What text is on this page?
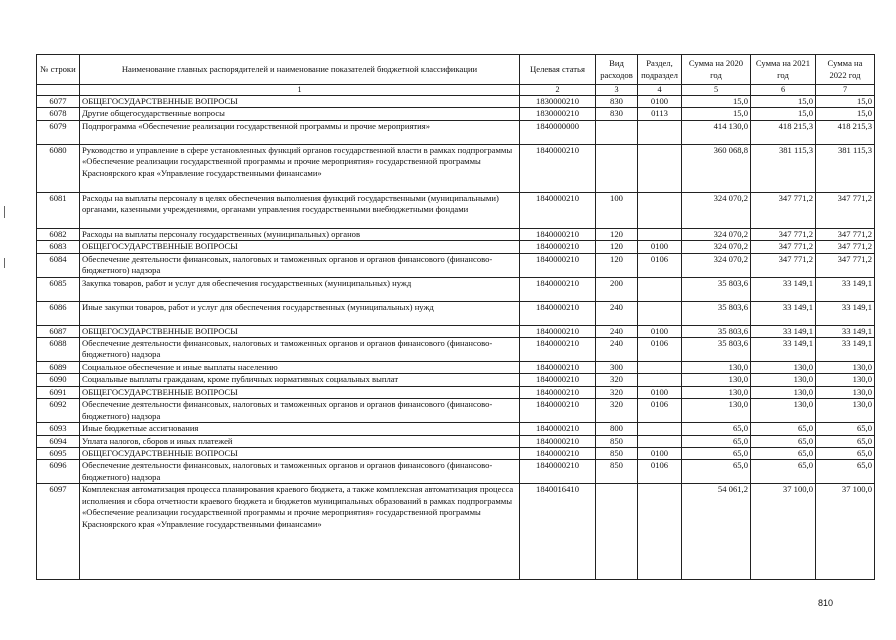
№ строки	Наименование главных распорядителей и наименование показателей бюджетной классификации	Целевая статья	Вид расходов	Раздел, подраздел	Сумма на 2020 год	Сумма на 2021 год	Сумма на 2022 год
	1	2	3	4	5	6	7
6077	ОБЩЕГОСУДАРСТВЕННЫЕ ВОПРОСЫ	1830000210	830	0100	15,0	15,0	15,0
6078	Другие общегосударственные вопросы	1830000210	830	0113	15,0	15,0	15,0
6079	Подпрограмма «Обеспечение реализации государственной программы и прочие мероприятия»	1840000000			414 130,0	418 215,3	418 215,3
6080	Руководство и управление в сфере установленных функций органов государственной власти в рамках подпрограммы «Обеспечение реализации государственной программы и прочие мероприятия» государственной программы Красноярского края «Управление государственными финансами»	1840000210			360 068,8	381 115,3	381 115,3
6081	Расходы на выплаты персоналу в целях обеспечения выполнения функций государственными (муниципальными) органами, казенными учреждениями, органами управления государственными внебюджетными фондами	1840000210	100		324 070,2	347 771,2	347 771,2
6082	Расходы на выплаты персоналу государственных (муниципальных) органов	1840000210	120		324 070,2	347 771,2	347 771,2
6083	ОБЩЕГОСУДАРСТВЕННЫЕ ВОПРОСЫ	1840000210	120	0100	324 070,2	347 771,2	347 771,2
6084	Обеспечение деятельности финансовых, налоговых и таможенных органов и органов финансового (финансово-бюджетного) надзора	1840000210	120	0106	324 070,2	347 771,2	347 771,2
6085	Закупка товаров, работ и услуг для обеспечения государственных (муниципальных) нужд	1840000210	200		35 803,6	33 149,1	33 149,1
6086	Иные закупки товаров, работ и услуг для обеспечения государственных (муниципальных) нужд	1840000210	240		35 803,6	33 149,1	33 149,1
6087	ОБЩЕГОСУДАРСТВЕННЫЕ ВОПРОСЫ	1840000210	240	0100	35 803,6	33 149,1	33 149,1
6088	Обеспечение деятельности финансовых, налоговых и таможенных органов и органов финансового (финансово-бюджетного) надзора	1840000210	240	0106	35 803,6	33 149,1	33 149,1
6089	Социальное обеспечение и иные выплаты населению	1840000210	300		130,0	130,0	130,0
6090	Социальные выплаты гражданам, кроме публичных нормативных социальных выплат	1840000210	320		130,0	130,0	130,0
6091	ОБЩЕГОСУДАРСТВЕННЫЕ ВОПРОСЫ	1840000210	320	0100	130,0	130,0	130,0
6092	Обеспечение деятельности финансовых, налоговых и таможенных органов и органов финансового (финансово-бюджетного) надзора	1840000210	320	0106	130,0	130,0	130,0
6093	Иные бюджетные ассигнования	1840000210	800		65,0	65,0	65,0
6094	Уплата налогов, сборов и иных платежей	1840000210	850		65,0	65,0	65,0
6095	ОБЩЕГОСУДАРСТВЕННЫЕ ВОПРОСЫ	1840000210	850	0100	65,0	65,0	65,0
6096	Обеспечение деятельности финансовых, налоговых и таможенных органов и органов финансового (финансово-бюджетного) надзора	1840000210	850	0106	65,0	65,0	65,0
6097	Комплексная автоматизация процесса планирования краевого бюджета, а также комплексная автоматизация процесса исполнения и сбора отчетности краевого бюджета и бюджетов муниципальных образований в рамках подпрограммы «Обеспечение реализации государственной программы и прочие мероприятия» государственной программы Красноярского края «Управление государственными финансами»	1840016410			54 061,2	37 100,0	37 100,0
810
